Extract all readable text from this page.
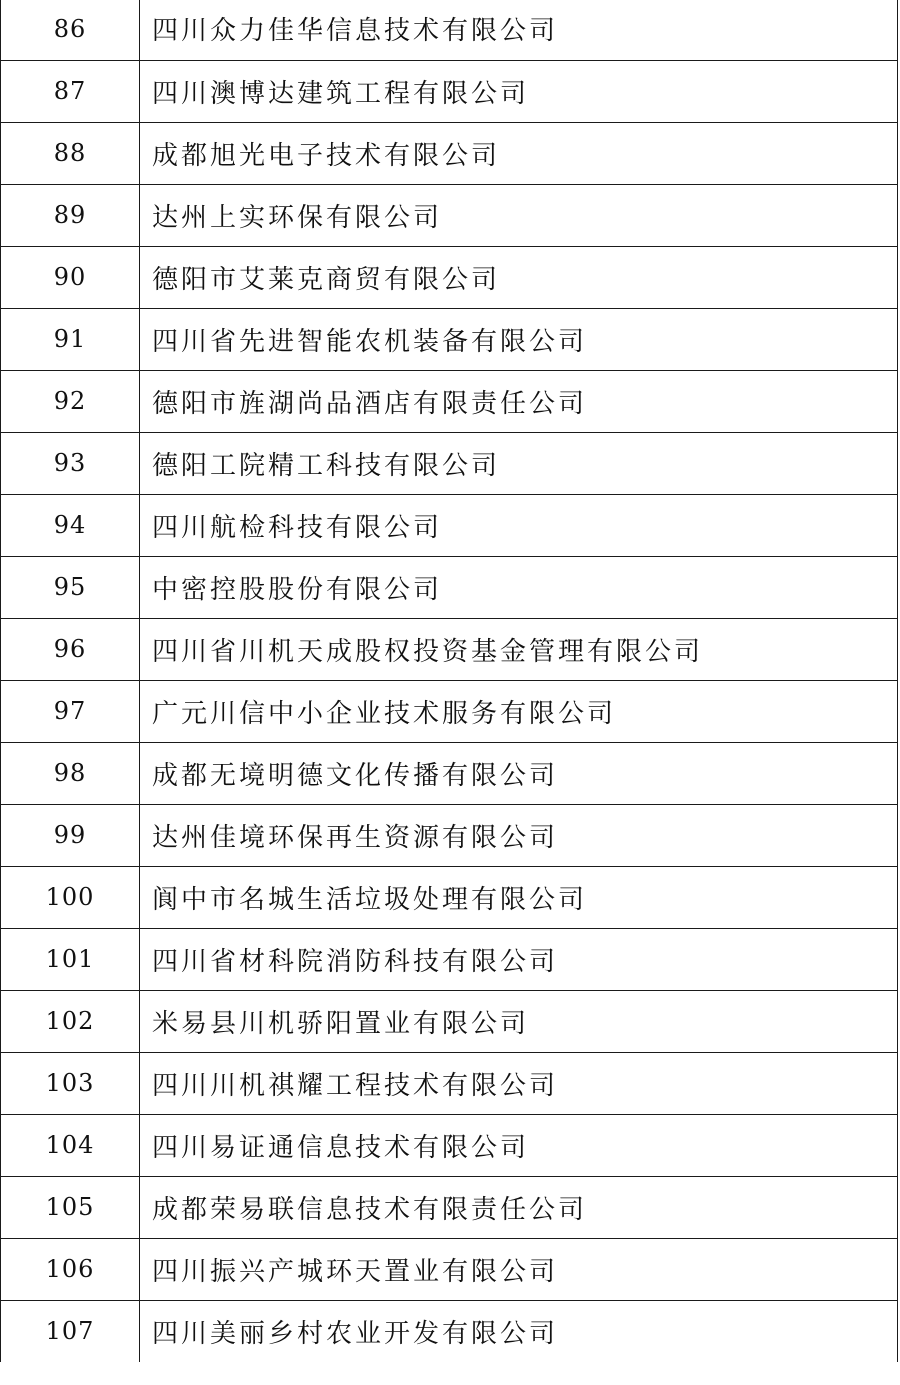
86	四川众力佳华信息技术有限公司
87	四川澳博达建筑工程有限公司
88	成都旭光电子技术有限公司
89	达州上实环保有限公司
90	德阳市艾莱克商贸有限公司
91	四川省先进智能农机装备有限公司
92	德阳市旌湖尚品酒店有限责任公司
93	德阳工院精工科技有限公司
94	四川航检科技有限公司
95	中密控股股份有限公司
96	四川省川机天成股权投资基金管理有限公司
97	广元川信中小企业技术服务有限公司
98	成都无境明德文化传播有限公司
99	达州佳境环保再生资源有限公司
100	阆中市名城生活垃圾处理有限公司
101	四川省材科院消防科技有限公司
102	米易县川机骄阳置业有限公司
103	四川川机祺耀工程技术有限公司
104	四川易证通信息技术有限公司
105	成都荣易联信息技术有限责任公司
106	四川振兴产城环天置业有限公司
107	四川美丽乡村农业开发有限公司
